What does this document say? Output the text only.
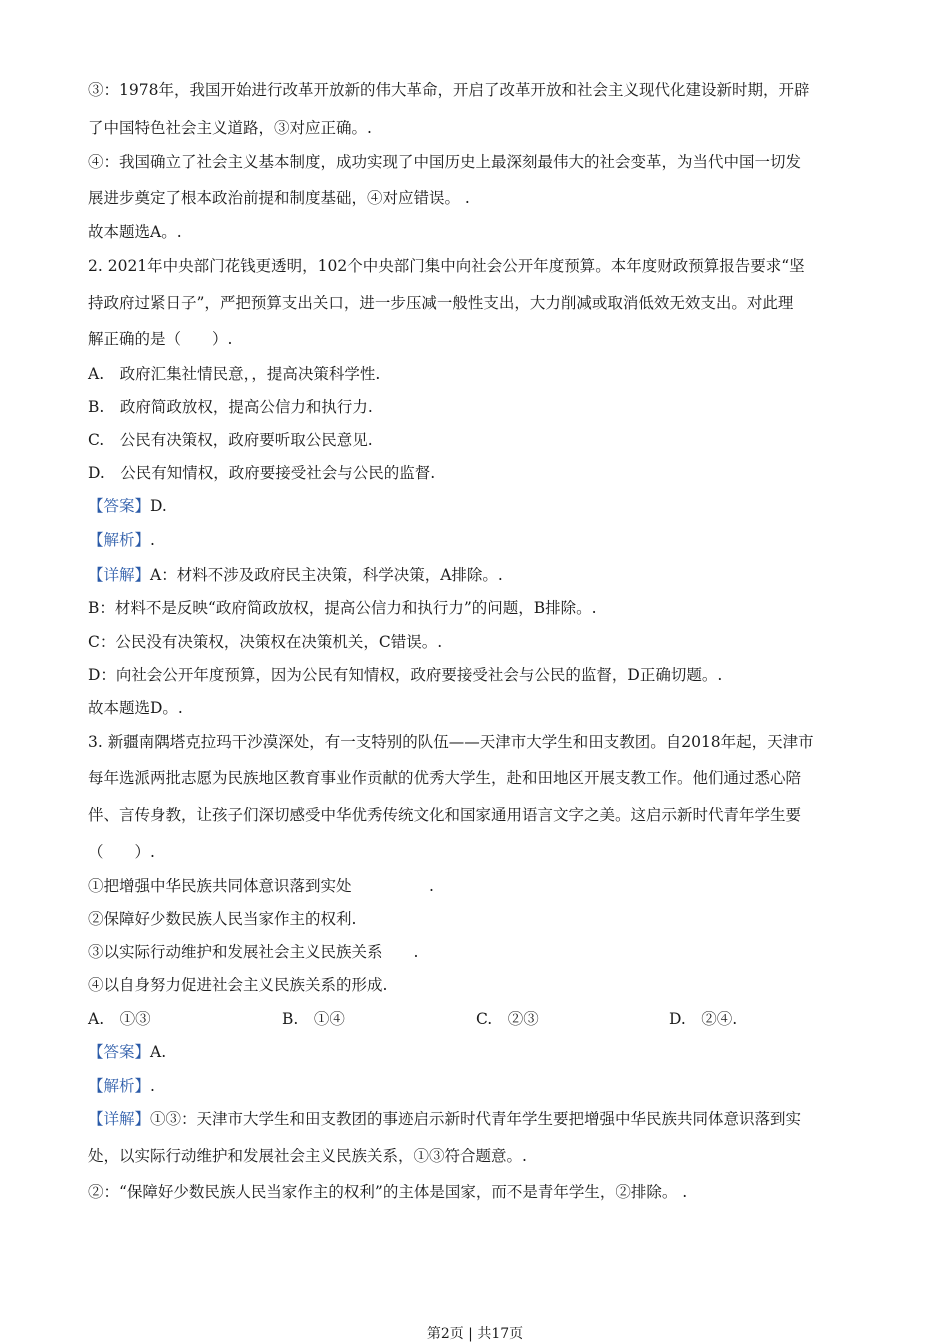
③：1978年，我国开始进行改革开放新的伟大革命，开启了改革开放和社会主义现代化建设新时期，开辟
了中国特色社会主义道路，③对应正确。.
④：我国确立了社会主义基本制度，成功实现了中国历史上最深刻最伟大的社会变革，为当代中国一切发
展进步奠定了根本政治前提和制度基础，④对应错误。 .
故本题选A。.
2. 2021年中央部门花钱更透明，102个中央部门集中向社会公开年度预算。本年度财政预算报告要求“坚
持政府过紧日子”，严把预算支出关口，进一步压减一般性支出，大力削减或取消低效无效支出。对此理
解正确的是（　　）.
A.　政府汇集社情民意，，提高决策科学性.
B.　政府简政放权，提高公信力和执行力.
C.　公民有决策权，政府要听取公民意见.
D.　公民有知情权，政府要接受社会与公民的监督.
【答案】D.
【解析】.
【详解】A：材料不涉及政府民主决策，科学决策，A排除。.
B：材料不是反映“政府简政放权，提高公信力和执行力”的问题，B排除。.
C：公民没有决策权，决策权在决策机关，C错误。.
D：向社会公开年度预算，因为公民有知情权，政府要接受社会与公民的监督，D正确切题。.
故本题选D。.
3. 新疆南隅塔克拉玛干沙漠深处，有一支特别的队伍——天津市大学生和田支教团。自2018年起，天津市
每年选派两批志愿为民族地区教育事业作贡献的优秀大学生，赴和田地区开展支教工作。他们通过悉心陪
伴、言传身教，让孩子们深切感受中华优秀传统文化和国家通用语言文字之美。这启示新时代青年学生要
（　　）.
①把增强中华民族共同体意识落到实处　　　　　.
②保障好少数民族人民当家作主的权利.
③以实际行动维护和发展社会主义民族关系　　.
④以自身努力促进社会主义民族关系的形成.
A.　①③	B.　①④	C.　②③	D.　②④.
【答案】A.
【解析】.
【详解】①③：天津市大学生和田支教团的事迹启示新时代青年学生要把增强中华民族共同体意识落到实
处，以实际行动维护和发展社会主义民族关系，①③符合题意。.
②：“保障好少数民族人民当家作主的权利”的主体是国家，而不是青年学生，②排除。 .
第2页 | 共17页
